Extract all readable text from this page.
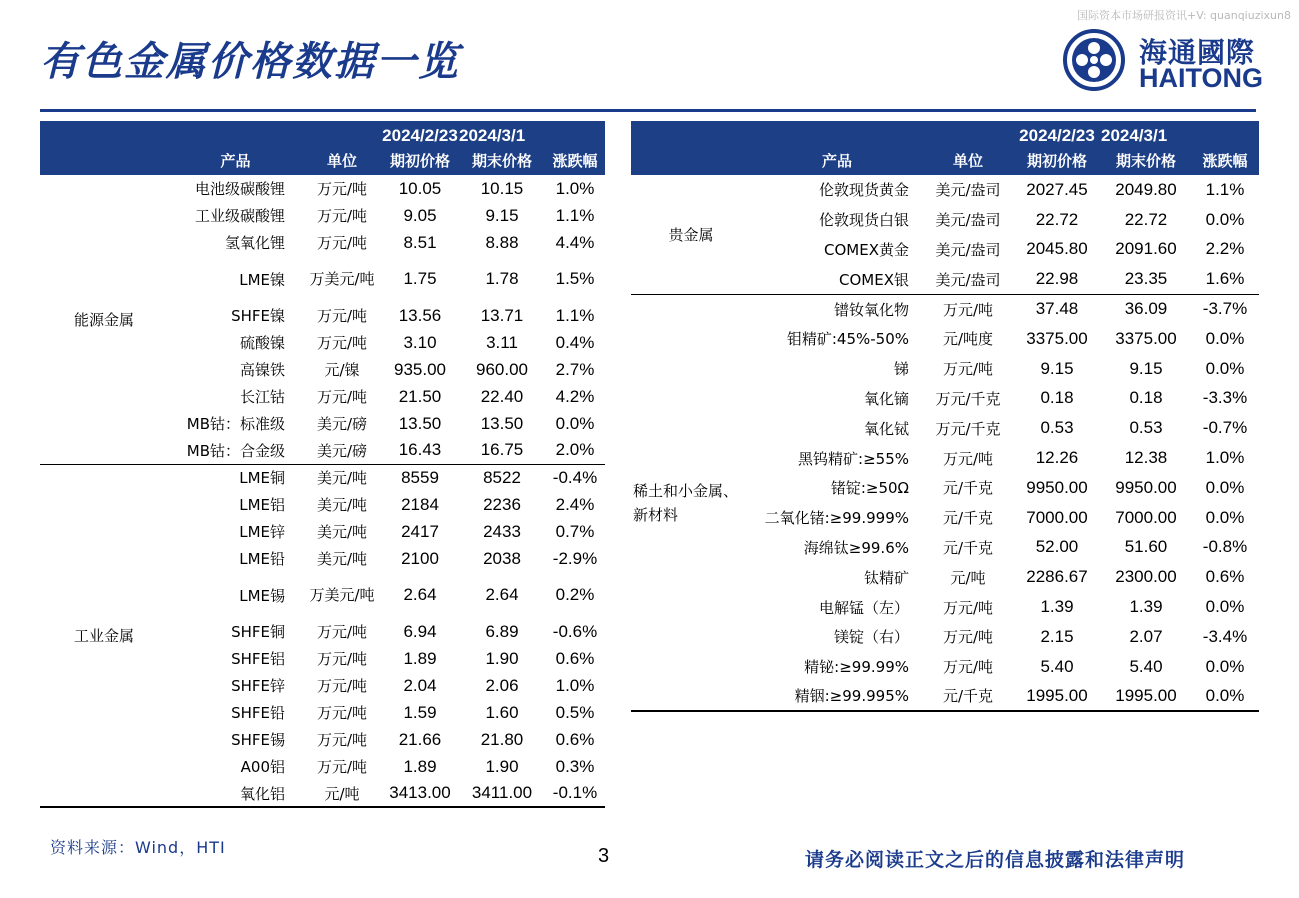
国际资本市场研报资讯+V: quanqiuzixun8
有色金属价格数据一览	海通國際
HAITONG
			2024/2/23	2024/3/1	
	产品	单位	期初价格	期末价格	涨跌幅
能源金属	电池级碳酸锂	万元/吨	10.05	10.15	1.0%
	工业级碳酸锂	万元/吨	9.05	9.15	1.1%
	氢氧化锂	万元/吨	8.51	8.88	4.4%
	LME镍	万美元/吨	1.75	1.78	1.5%
	SHFE镍	万元/吨	13.56	13.71	1.1%
	硫酸镍	万元/吨	3.10	3.11	0.4%
	高镍铁	元/镍	935.00	960.00	2.7%
	长江钴	万元/吨	21.50	22.40	4.2%
	MB钴：标准级	美元/磅	13.50	13.50	0.0%
	MB钴：合金级	美元/磅	16.43	16.75	2.0%
工业金属	LME铜	美元/吨	8559	8522	-0.4%
	LME铝	美元/吨	2184	2236	2.4%
	LME锌	美元/吨	2417	2433	0.7%
	LME铅	美元/吨	2100	2038	-2.9%
	LME锡	万美元/吨	2.64	2.64	0.2%
	SHFE铜	万元/吨	6.94	6.89	-0.6%
	SHFE铝	万元/吨	1.89	1.90	0.6%
	SHFE锌	万元/吨	2.04	2.06	1.0%
	SHFE铅	万元/吨	1.59	1.60	0.5%
	SHFE锡	万元/吨	21.66	21.80	0.6%
	A00铝	万元/吨	1.89	1.90	0.3%
	氧化铝	元/吨	3413.00	3411.00	-0.1%
			2024/2/23	2024/3/1	
	产品	单位	期初价格	期末价格	涨跌幅
贵金属	伦敦现货黄金	美元/盎司	2027.45	2049.80	1.1%
	伦敦现货白银	美元/盎司	22.72	22.72	0.0%
	COMEX黄金	美元/盎司	2045.80	2091.60	2.2%
	COMEX银	美元/盎司	22.98	23.35	1.6%
稀土和小金属、新材料	镨钕氧化物	万元/吨	37.48	36.09	-3.7%
	钼精矿:45%-50%	元/吨度	3375.00	3375.00	0.0%
	锑	万元/吨	9.15	9.15	0.0%
	氧化镝	万元/千克	0.18	0.18	-3.3%
	氧化铽	万元/千克	0.53	0.53	-0.7%
	黑钨精矿:≥55%	万元/吨	12.26	12.38	1.0%
	锗锭:≥50Ω	元/千克	9950.00	9950.00	0.0%
	二氧化锗:≥99.999%	元/千克	7000.00	7000.00	0.0%
	海绵钛≥99.6%	元/千克	52.00	51.60	-0.8%
	钛精矿	元/吨	2286.67	2300.00	0.6%
	电解锰（左）	万元/吨	1.39	1.39	0.0%
	镁锭（右）	万元/吨	2.15	2.07	-3.4%
	精铋:≥99.99%	万元/吨	5.40	5.40	0.0%
	精铟:≥99.995%	元/千克	1995.00	1995.00	0.0%
资料来源：Wind，HTI	3	请务必阅读正文之后的信息披露和法律声明
